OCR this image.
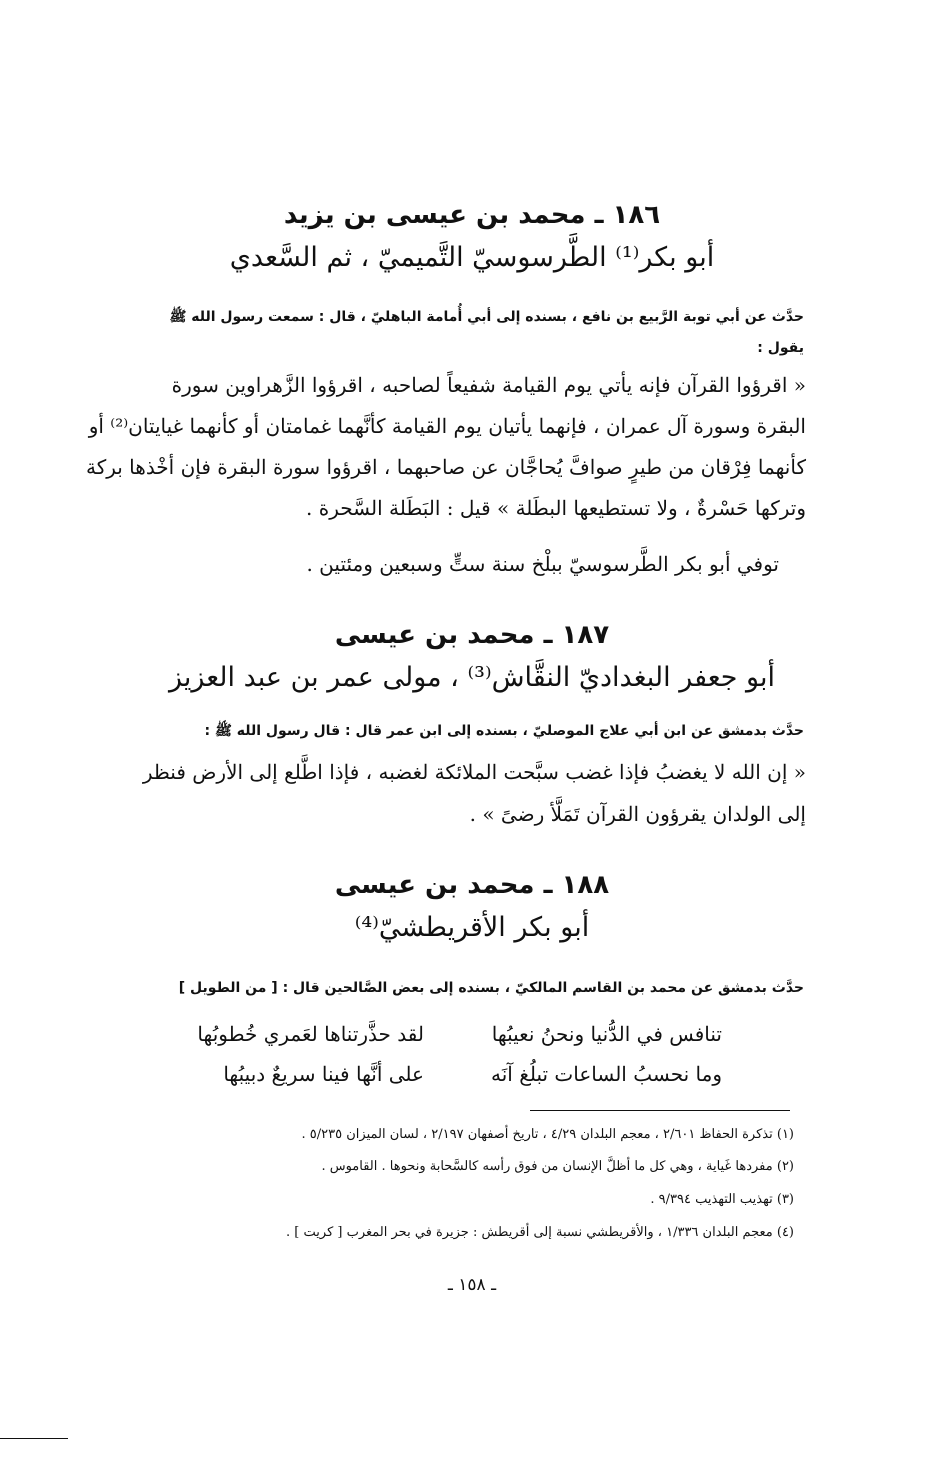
١٨٦ ـ محمد بن عيسى بن يزيد
أبو بكر⁽¹⁾ الطَّرسوسيّ التَّميميّ ، ثم السَّعدي
حدَّث عن أبي توبة الرَّبيع بن نافع ، بسنده إلى أبي أُمامة الباهليّ ، قال : سمعت رسول الله ﷺ
يقول :
« اقرؤوا القرآن فإنه يأتي يوم القيامة شفيعاً لصاحبه ، اقرؤوا الزَّهراوين سورة
البقرة وسورة آل عمران ، فإنهما يأتيان يوم القيامة كأنَّهما غمامتان أو كأنهما غيايتان⁽²⁾ أو
كأنهما فِرْقان من طيرٍ صوافَّ يُحاجَّان عن صاحبهما ، اقرؤوا سورة البقرة فإن أخْذها بركة
وتركها حَسْرةٌ ، ولا تستطيعها البطَلة » قيل : البَطَلة السَّحرة .
توفي أبو بكر الطَّرسوسيّ ببلْخ سنة ستٍّ وسبعين ومئتين .
١٨٧ ـ محمد بن عيسى
أبو جعفر البغداديّ النقَّاش⁽³⁾ ، مولى عمر بن عبد العزيز
حدَّث بدمشق عن ابن أبي علاج الموصليّ ، بسنده إلى ابن عمر قال : قال رسول الله ﷺ :
« إن الله لا يغضبُ فإذا غضب سبَّحت الملائكة لغضبه ، فإذا اطَّلع إلى الأرض فنظر
إلى الولدان يقرؤون القرآن تَمَلَّأ رضىً » .
١٨٨ ـ محمد بن عيسى
أبو بكر الأقريطشيّ⁽⁴⁾
حدَّث بدمشق عن محمد بن القاسم المالكيّ ، بسنده إلى بعض الصَّالحين قال : [ من الطويل ]
تنافس في الدُّنيا ونحنُ نعيبُها
لقد حذَّرتناها لعَمري خُطوبُها
وما نحسبُ الساعات تبلُغ آنَه
على أنَّها فينا سريعٌ دبيبُها
(١) تذكرة الحفاظ ٢/٦٠١ ، معجم البلدان ٤/٢٩ ، تاريخ أصفهان ٢/١٩٧ ، لسان الميزان ٥/٢٣٥ .
(٢) مفردها غَياية ، وهي كل ما أظلَّ الإنسان من فوق رأسه كالسَّحابة ونحوها . القاموس .
(٣) تهذيب التهذيب ٩/٣٩٤ .
(٤) معجم البلدان ١/٣٣٦ ، والأقريطشي نسبة إلى أقريطش : جزيرة في بحر المغرب [ كريت ] .
ـ ١٥٨ ـ
